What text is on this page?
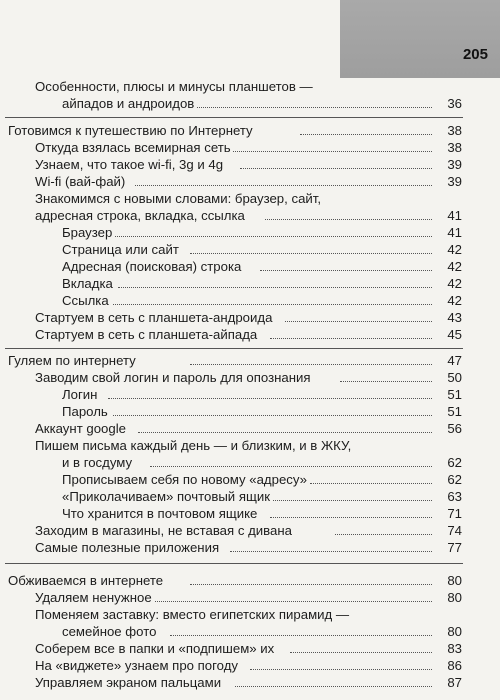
205
Особенности, плюсы и минусы планшетов —
айпадов и андроидов	36
Готовимся к путешествию по Интернету	38
Откуда взялась всемирная сеть	38
Узнаем, что такое wi-fi, 3g и 4g	39
Wi-fi (вай-фай)	39
Знакомимся с новыми словами: браузер, сайт,
адресная строка, вкладка, ссылка	41
Браузер	41
Страница или сайт	42
Адресная (поисковая) строка	42
Вкладка	42
Ссылка	42
Стартуем в сеть с планшета-андроида	43
Стартуем в сеть с планшета-айпада	45
Гуляем по интернету	47
Заводим свой логин и пароль для опознания	50
Логин	51
Пароль	51
Аккаунт google	56
Пишем письма каждый день — и близким, и в ЖКУ,
и в госдуму	62
Прописываем себя по новому «адресу»	62
«Приколачиваем» почтовый ящик	63
Что хранится в почтовом ящике	71
Заходим в магазины, не вставая с дивана	74
Самые полезные приложения	77
Обживаемся в интернете	80
Удаляем ненужное	80
Поменяем заставку: вместо египетских пирамид —
семейное фото	80
Соберем все в папки и «подпишем» их	83
На «виджете» узнаем про погоду	86
Управляем экраном пальцами	87
